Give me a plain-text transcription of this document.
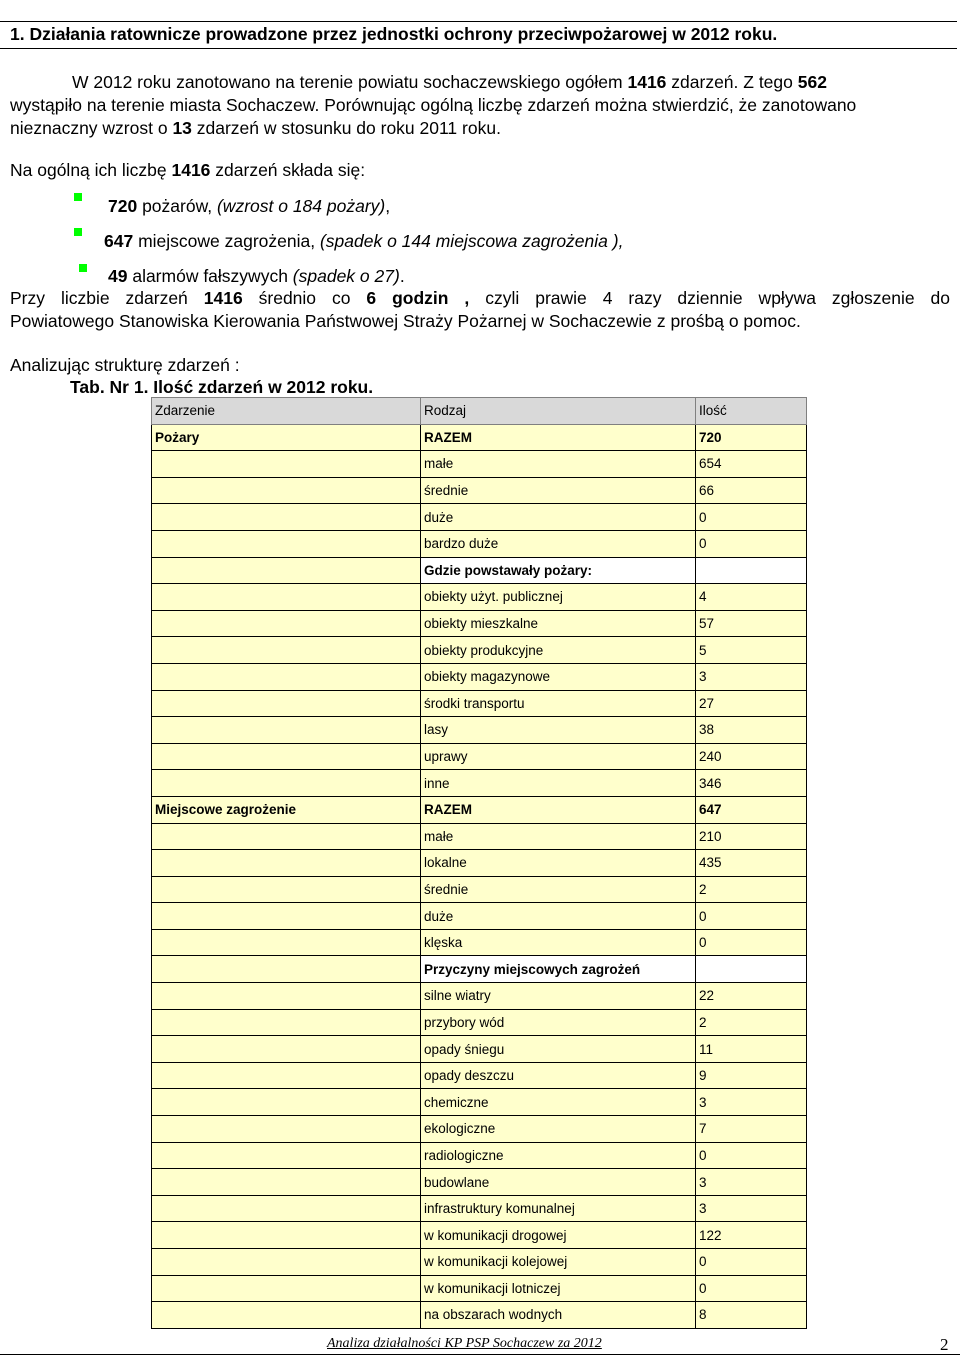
1. Działania ratownicze prowadzone przez jednostki ochrony przeciwpożarowej w 2012 roku.
W 2012 roku zanotowano na terenie powiatu sochaczewskiego ogółem 1416 zdarzeń. Z tego 562
wystąpiło na terenie miasta Sochaczew. Porównując ogólną liczbę zdarzeń można stwierdzić, że zanotowano
nieznaczny wzrost o 13 zdarzeń w stosunku do roku 2011 roku.
Na ogólną ich liczbę 1416 zdarzeń składa się:
720 pożarów, (wzrost o 184 pożary),
647 miejscowe zagrożenia, (spadek o 144 miejscowa zagrożenia ),
49 alarmów fałszywych (spadek o 27).
Przy liczbie zdarzeń 1416 średnio co 6 godzin , czyli prawie 4 razy dziennie wpływa zgłoszenie do
Powiatowego Stanowiska Kierowania Państwowej Straży Pożarnej w Sochaczewie z prośbą o pomoc.
Analizując strukturę zdarzeń :
Tab. Nr 1. Ilość zdarzeń w 2012 roku.
Zdarzenie	Rodzaj	Ilość
Pożary	RAZEM	720
	małe	654
	średnie	66
	duże	0
	bardzo duże	0
	Gdzie powstawały pożary:	
	obiekty użyt. publicznej	4
	obiekty mieszkalne	57
	obiekty produkcyjne	5
	obiekty magazynowe	3
	środki transportu	27
	lasy	38
	uprawy	240
	inne	346
Miejscowe zagrożenie	RAZEM	647
	małe	210
	lokalne	435
	średnie	2
	duże	0
	klęska	0
	Przyczyny miejscowych zagrożeń	
	silne wiatry	22
	przybory wód	2
	opady śniegu	11
	opady deszczu	9
	chemiczne	3
	ekologiczne	7
	radiologiczne	0
	budowlane	3
	infrastruktury komunalnej	3
	w komunikacji drogowej	122
	w komunikacji kolejowej	0
	w komunikacji lotniczej	0
	na obszarach wodnych	8
Analiza działalności KP PSP Sochaczew za 2012	2
